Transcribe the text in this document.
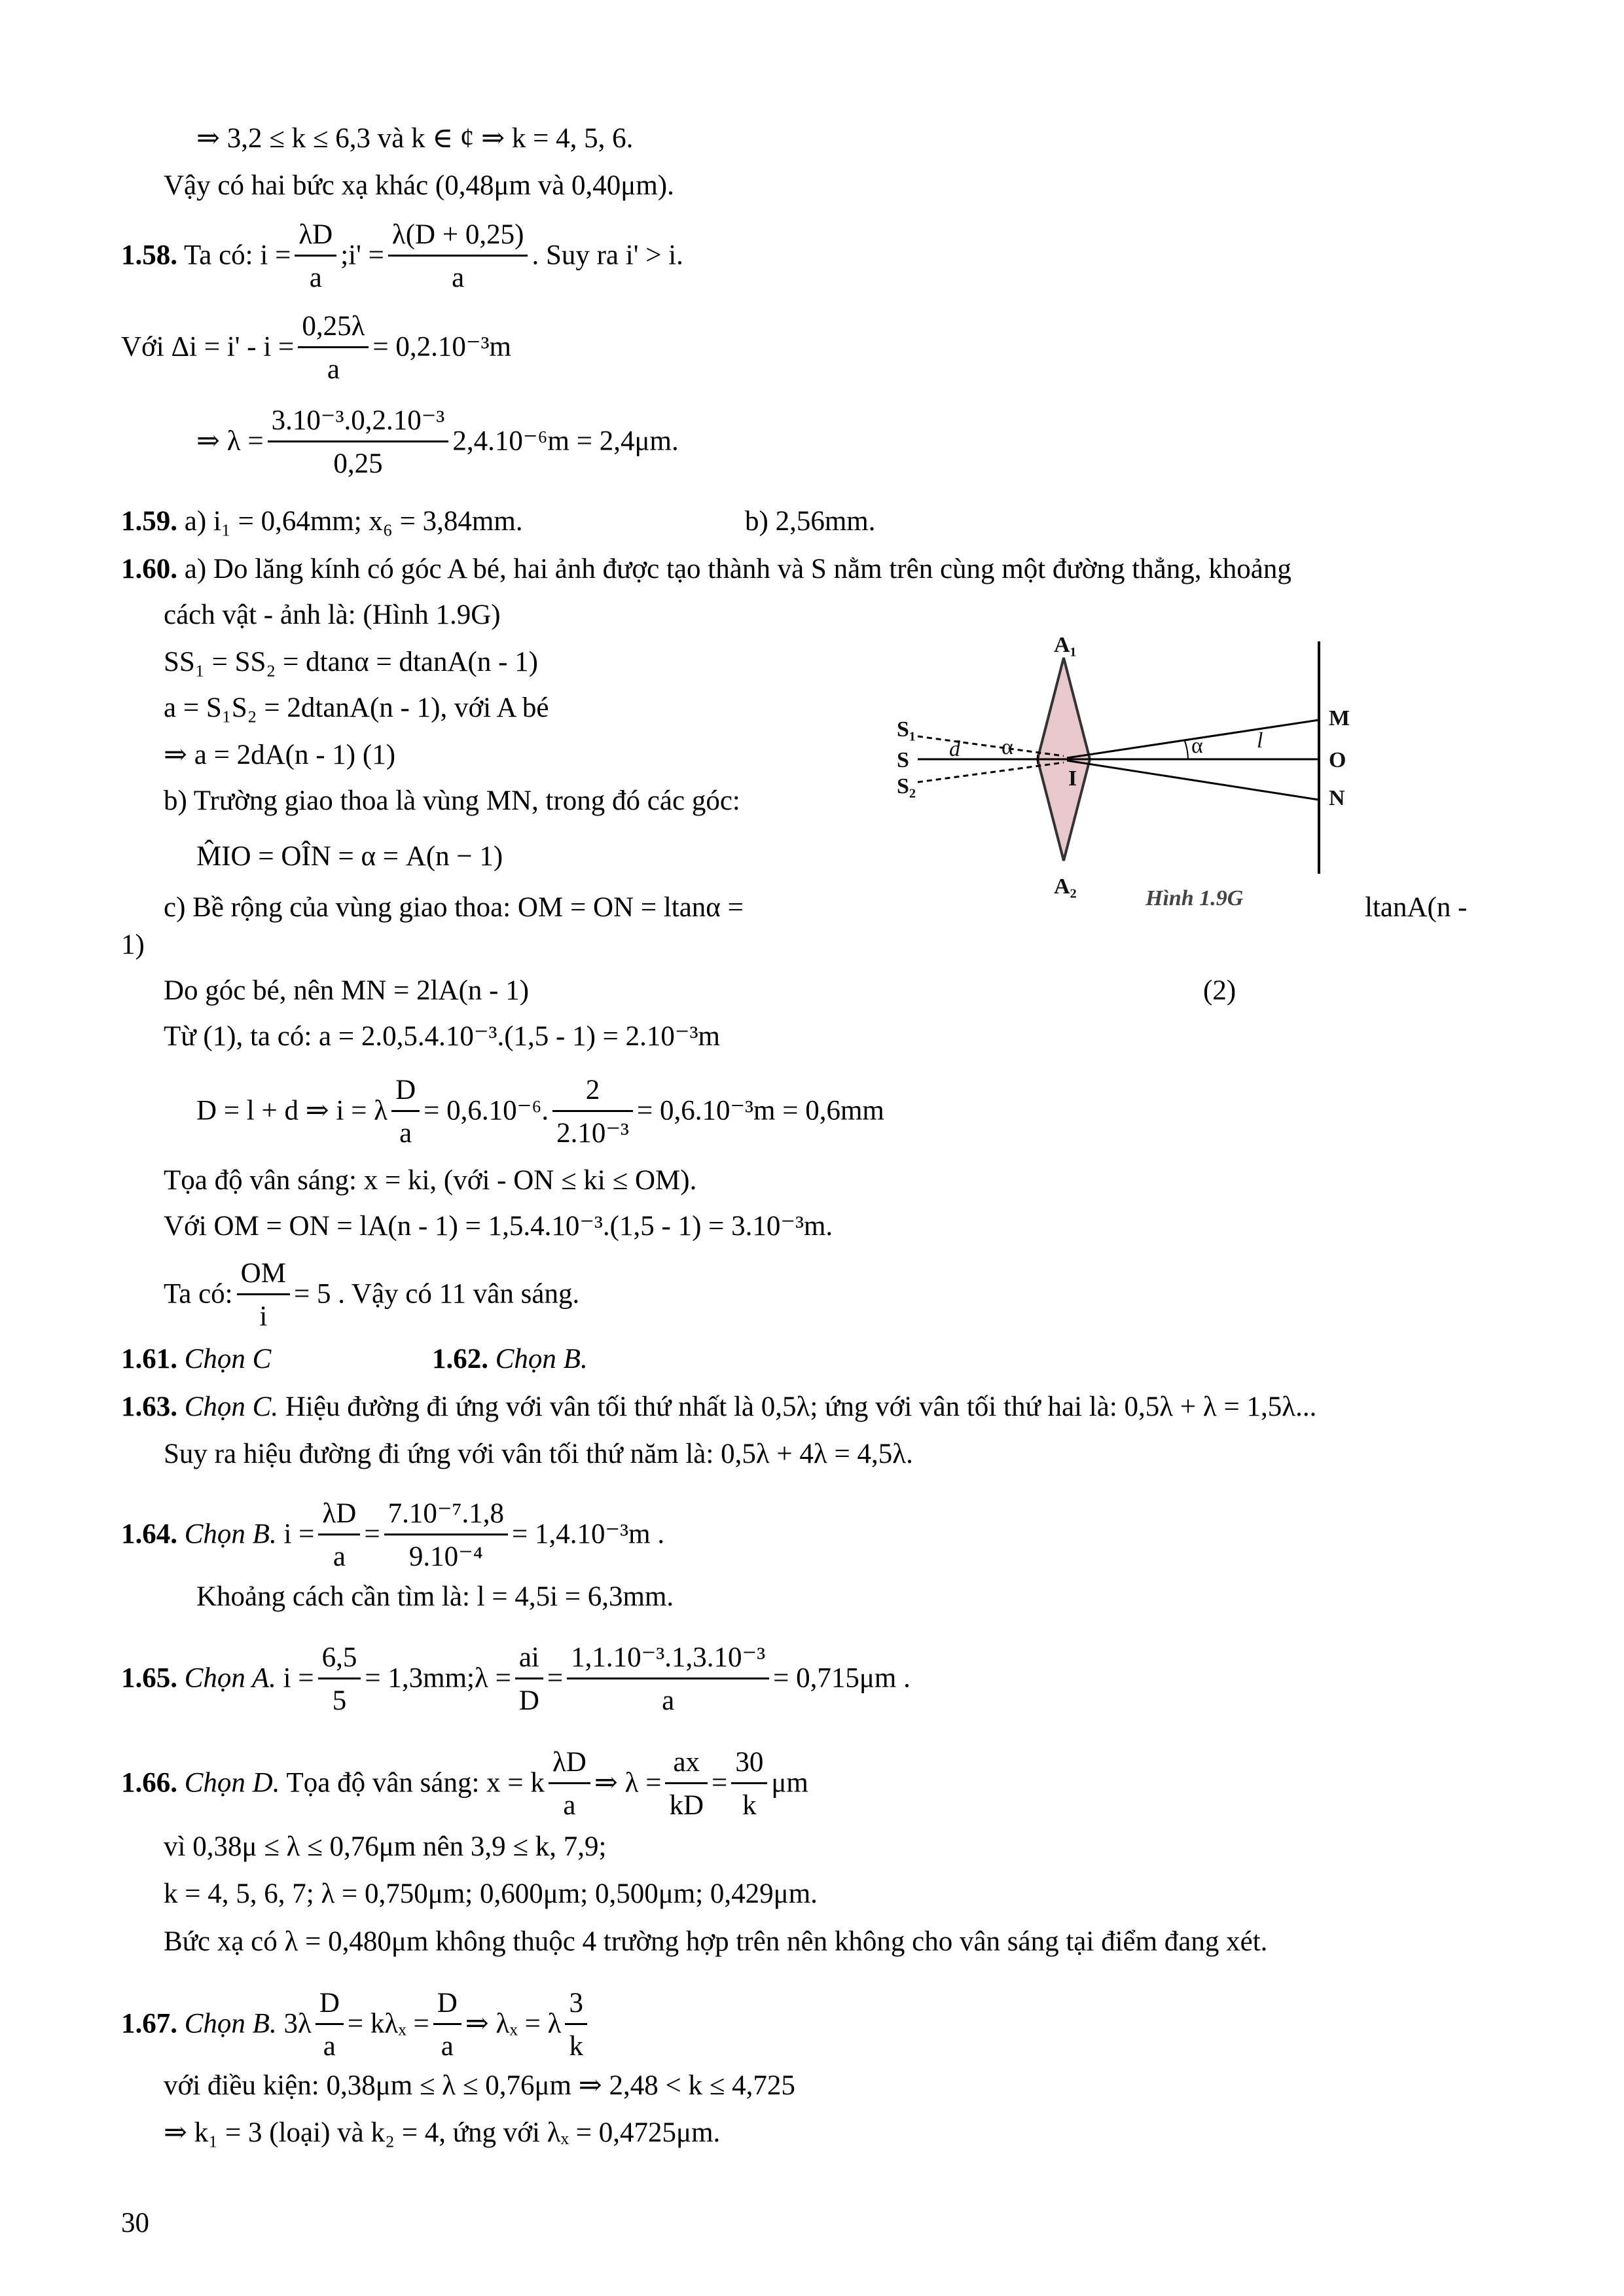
⇒ 3,2 ≤ k ≤ 6,3 và k ∈ ¢ ⇒ k = 4, 5, 6.
Vậy có hai bức xạ khác (0,48μm và 0,40μm).
1.58. Ta có: $i = \frac{\lambda D}{a}$ ;i' = $\frac{\lambda(D + 0,25)}{a}$ . Suy ra i' > i.
Với $\Delta i = i' - i = \frac{0,25\lambda}{a} = 0,2.10^{-3}m$
⇒ $\lambda = \frac{\text{3.10⁻³.0,2.10⁻³}}{0,25} 2,4.10^{-6}m = 2,4\mu m$.
1.59. a) i₁ = 0,64mm; x₆ = 3,84mm.	b) 2,56mm.
1.60. a) Do lăng kính có góc A bé, hai ảnh được tạo thành và S nằm trên cùng một đường thẳng, khoảng
cách vật - ảnh là: (Hình 1.9G)
SS₁ = SS₂ = dtanα = dtanA(n - 1)
a = S₁S₂ = 2dtanA(n - 1), với A bé
⇒ a = 2dA(n - 1) (1)
b) Trường giao thoa là vùng MN, trong đó các góc:
M̂IO = OÎN = α = A(n − 1)
c) Bề rộng của vùng giao thoa: OM = ON = ltanα =	ltanA(n -
1)
Do góc bé, nên MN = 2lA(n - 1)	(2)
Từ (1), ta có: a = 2.0,5.4.10⁻³.(1,5 - 1) = 2.10⁻³m
D = l + d ⇒ i = λ $\frac{D}{a} = 0,6.10^{-6}$. $\frac{2}{\text{2.10⁻³}} = 0,6.10^{-3}m = 0,6mm$
Tọa độ vân sáng: x = ki, (với - ON ≤ ki ≤ OM).
Với OM = ON = lA(n - 1) = 1,5.4.10⁻³.(1,5 - 1) = 3.10⁻³m.
Ta có: $\frac{OM}{i} = 5$ . Vậy có 11 vân sáng.
1.61. Chọn C	1.62. Chọn B.
1.63. Chọn C. Hiệu đường đi ứng với vân tối thứ nhất là 0,5λ; ứng với vân tối thứ hai là: 0,5λ + λ = 1,5λ...
Suy ra hiệu đường đi ứng với vân tối thứ năm là: 0,5λ + 4λ = 4,5λ.
1.64. Chọn B. $i = \frac{\lambda D}{a} = \frac{\text{7.10⁻⁷.1,8}}{\text{9.10⁻⁴}} = 1,4.10^{-3}m$ .
Khoảng cách cần tìm là: l = 4,5i = 6,3mm.
1.65. Chọn A. $i = \frac{6,5}{5}$ = 1,3mm;λ = $\frac{ai}{D} = \frac{\text{1,1.10⁻³.1,3.10⁻³}}{a} = 0,715\mu m$ .
1.66. Chọn D. Tọa độ vân sáng: x = k $\frac{\lambda D}{a}$ ⇒ $\lambda = \frac{ax}{kD} = \frac{30}{k}$ μm
vì 0,38μ ≤ λ ≤ 0,76μm nên 3,9 ≤ k, 7,9;
k = 4, 5, 6, 7; λ = 0,750μm; 0,600μm; 0,500μm; 0,429μm.
Bức xạ có λ = 0,480μm không thuộc 4 trường hợp trên nên không cho vân sáng tại điểm đang xét.
1.67. Chọn B. $3\lambda \frac{D}{a} = k\lambda_x = \frac{D}{a}$ ⇒ λₓ = λ $\frac{3}{k}$
với điều kiện: 0,38μm ≤ λ ≤ 0,76μm ⇒ 2,48 < k ≤ 4,725
⇒ k₁ = 3 (loại) và k₂ = 4, ứng với λₓ = 0,4725μm.
30
A₁
A₂
S₁
S
S₂
d α
I
α l
M
O
N
Hình 1.9G
